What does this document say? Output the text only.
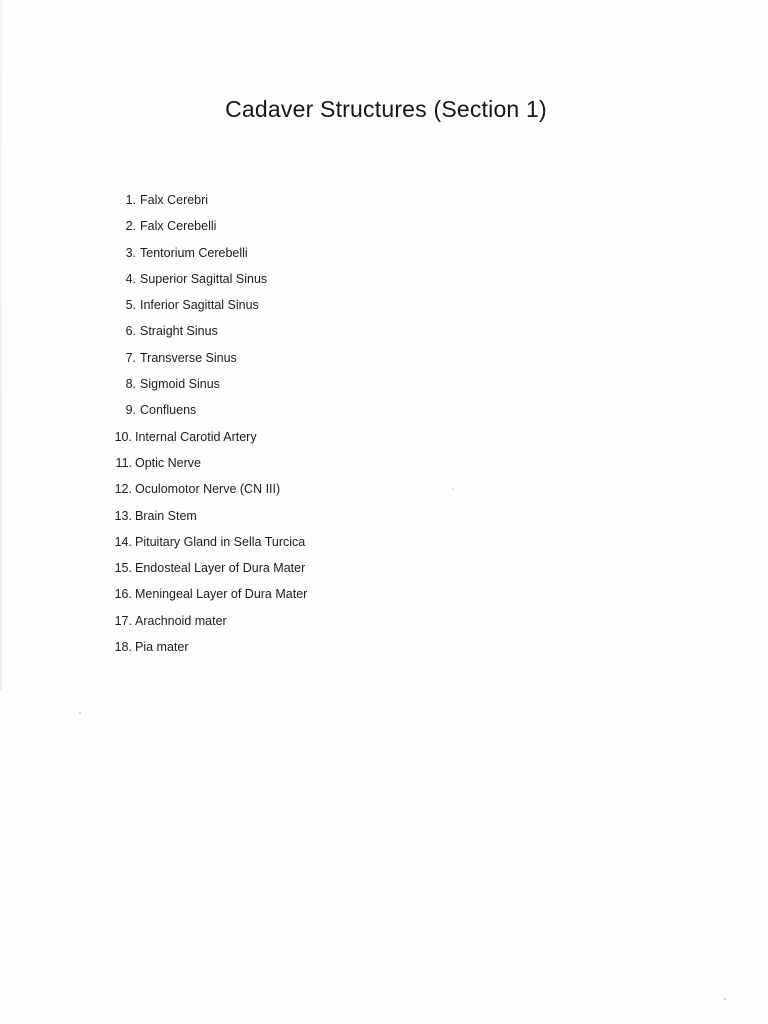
Cadaver Structures (Section 1)
1. Falx Cerebri
2. Falx Cerebelli
3. Tentorium Cerebelli
4. Superior Sagittal Sinus
5. Inferior Sagittal Sinus
6. Straight Sinus
7. Transverse Sinus
8. Sigmoid Sinus
9. Confluens
10. Internal Carotid Artery
11. Optic Nerve
12. Oculomotor Nerve (CN III)
13. Brain Stem
14. Pituitary Gland in Sella Turcica
15. Endosteal Layer of Dura Mater
16. Meningeal Layer of Dura Mater
17. Arachnoid mater
18. Pia mater
